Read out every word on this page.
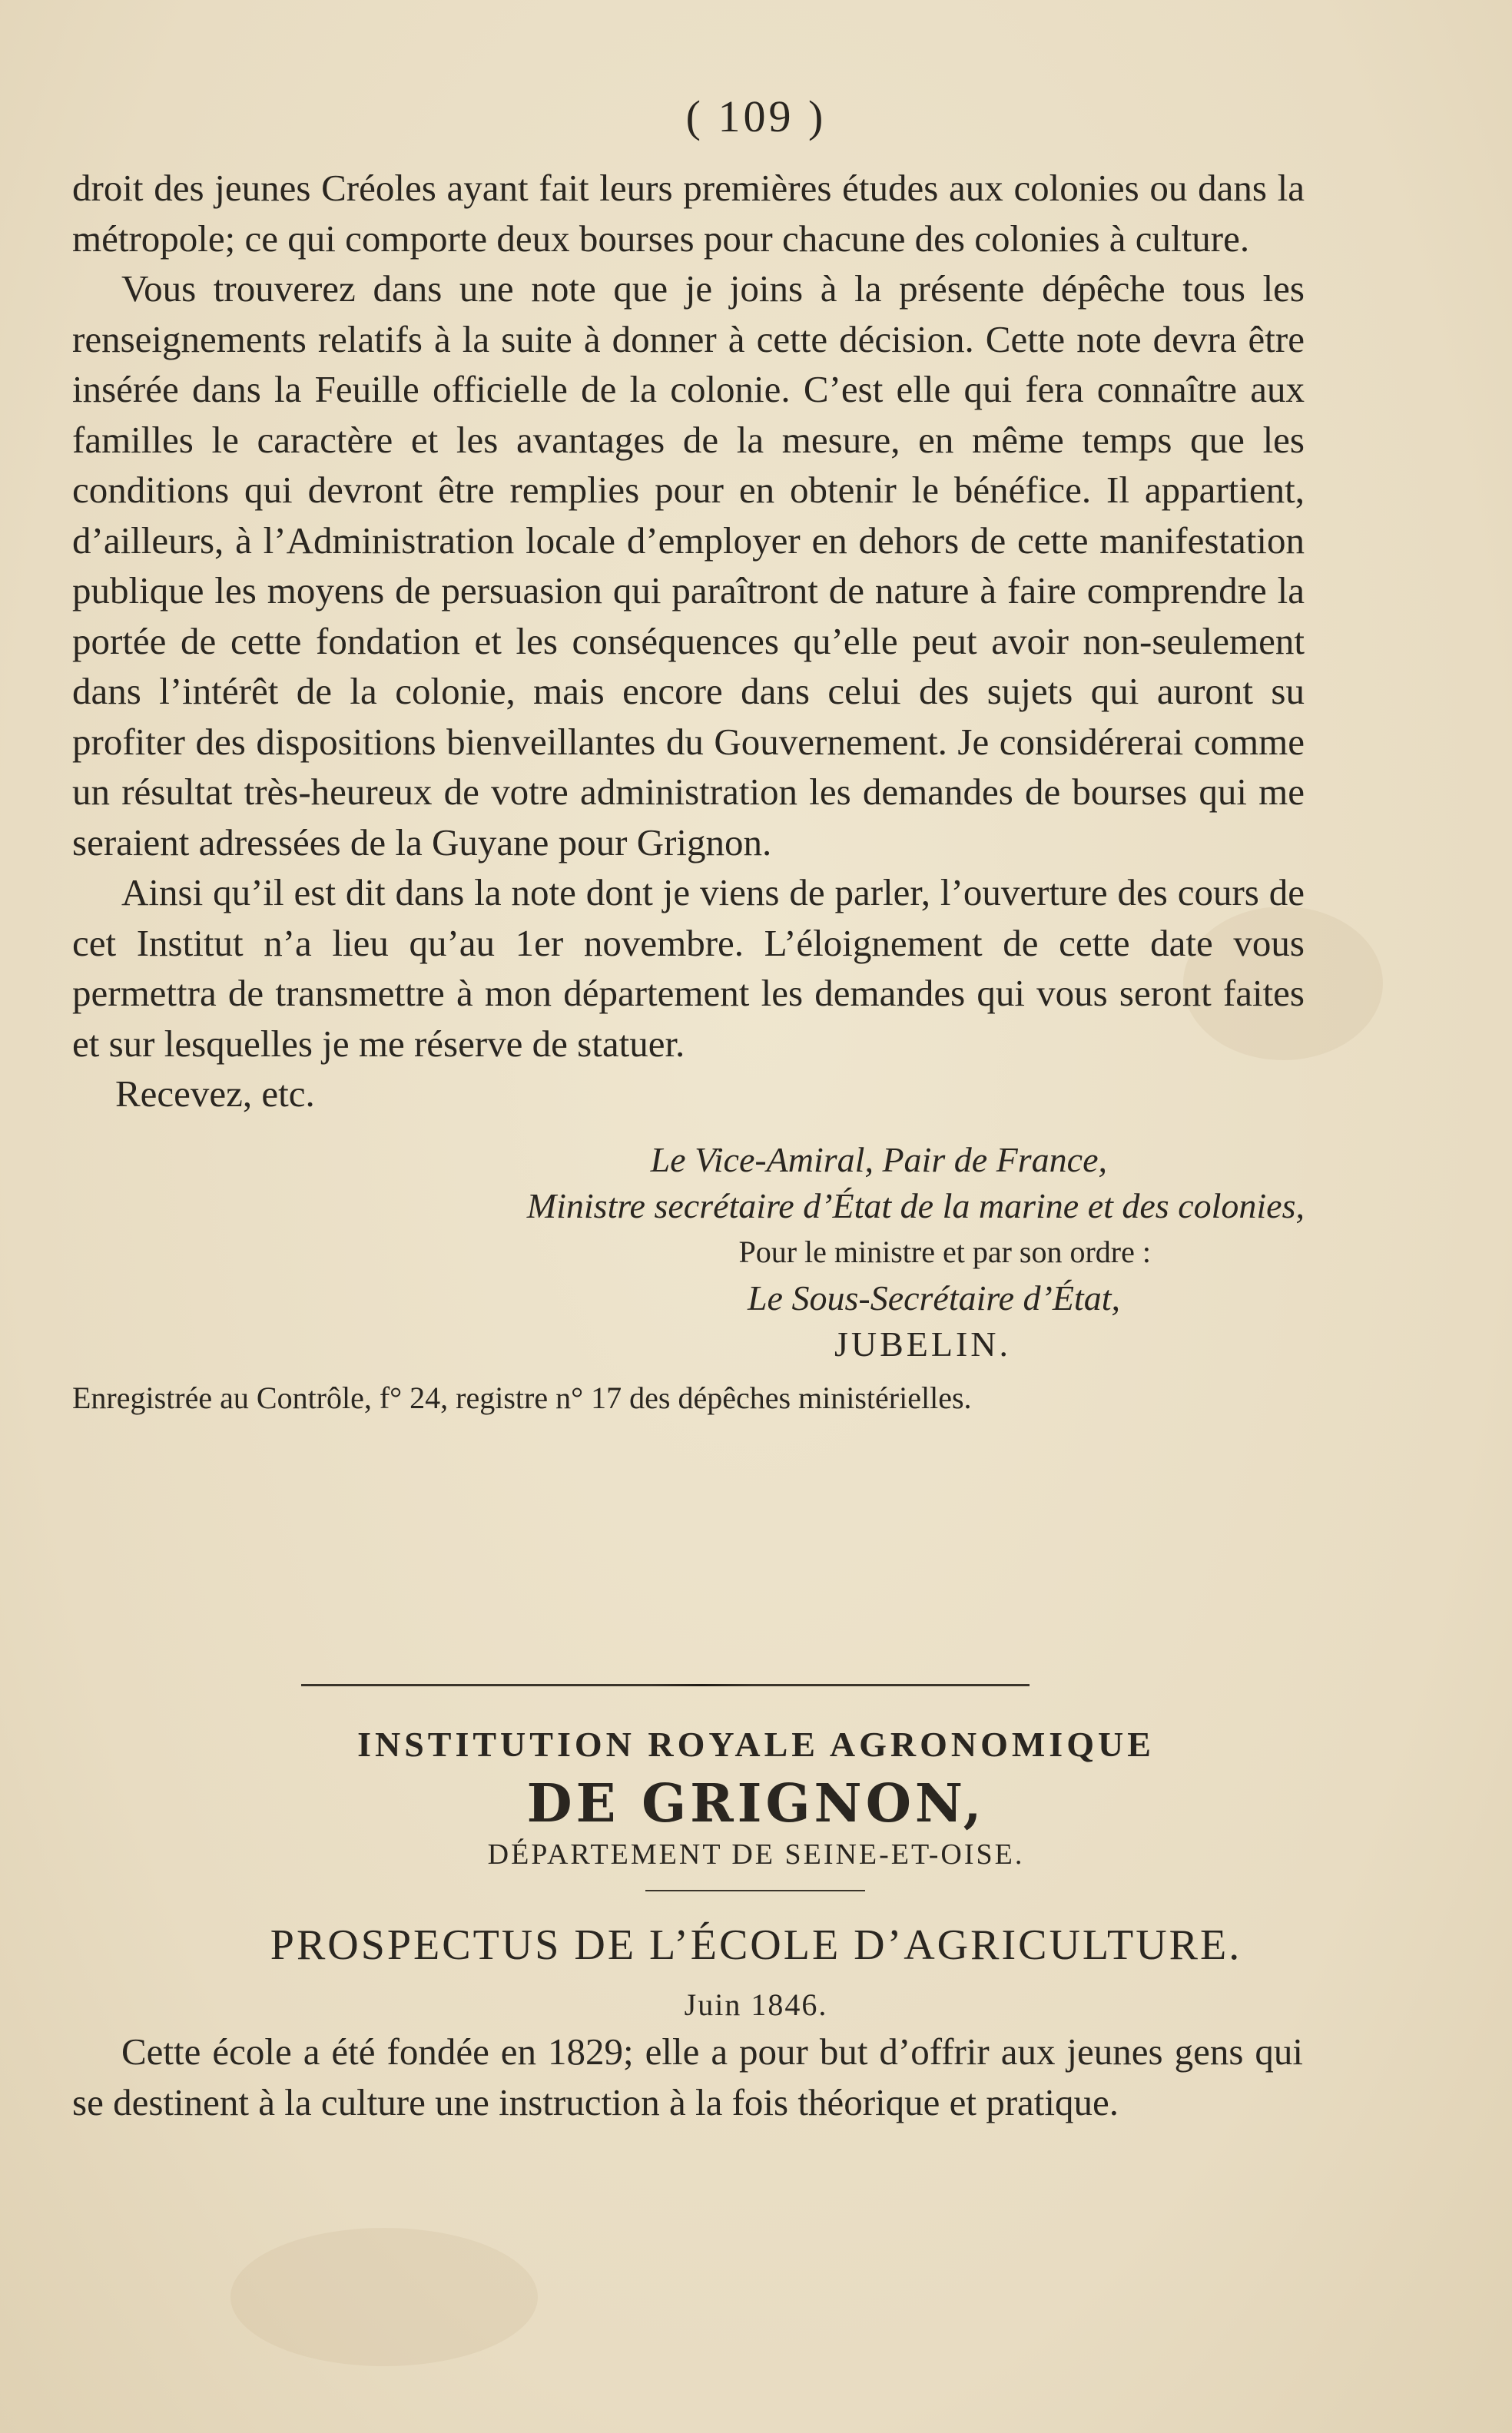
( 109 )

droit des jeunes Créoles ayant fait leurs premières études aux colonies ou dans la métropole; ce qui comporte deux bourses pour chacune des colonies à culture.

Vous trouverez dans une note que je joins à la présente dépêche tous les renseignements relatifs à la suite à donner à cette décision. Cette note devra être insérée dans la Feuille officielle de la colonie. C’est elle qui fera connaître aux familles le caractère et les avantages de la mesure, en même temps que les conditions qui devront être remplies pour en obtenir le bénéfice. Il appartient, d’ailleurs, à l’Administration locale d’employer en dehors de cette manifestation publique les moyens de persuasion qui paraîtront de nature à faire comprendre la portée de cette fondation et les conséquences qu’elle peut avoir non-seulement dans l’intérêt de la colonie, mais encore dans celui des sujets qui auront su profiter des dispositions bienveillantes du Gouvernement. Je considérerai comme un résultat très-heureux de votre administration les demandes de bourses qui me seraient adressées de la Guyane pour Grignon.

Ainsi qu’il est dit dans la note dont je viens de parler, l’ouverture des cours de cet Institut n’a lieu qu’au 1er novembre. L’éloignement de cette date vous permettra de transmettre à mon département les demandes qui vous seront faites et sur lesquelles je me réserve de statuer.

Recevez, etc.

Le Vice-Amiral, Pair de France,

Ministre secrétaire d’État de la marine et des colonies,

Pour le ministre et par son ordre :

Le Sous-Secrétaire d’État,

JUBELIN.

Enregistrée au Contrôle, f° 24, registre n° 17 des dépêches ministérielles.

INSTITUTION ROYALE AGRONOMIQUE

DE GRIGNON,

DÉPARTEMENT DE SEINE-ET-OISE.

PROSPECTUS DE L’ÉCOLE D’AGRICULTURE.

Juin 1846.

Cette école a été fondée en 1829; elle a pour but d’offrir aux jeunes gens qui se destinent à la culture une instruction à la fois théorique et pratique.
